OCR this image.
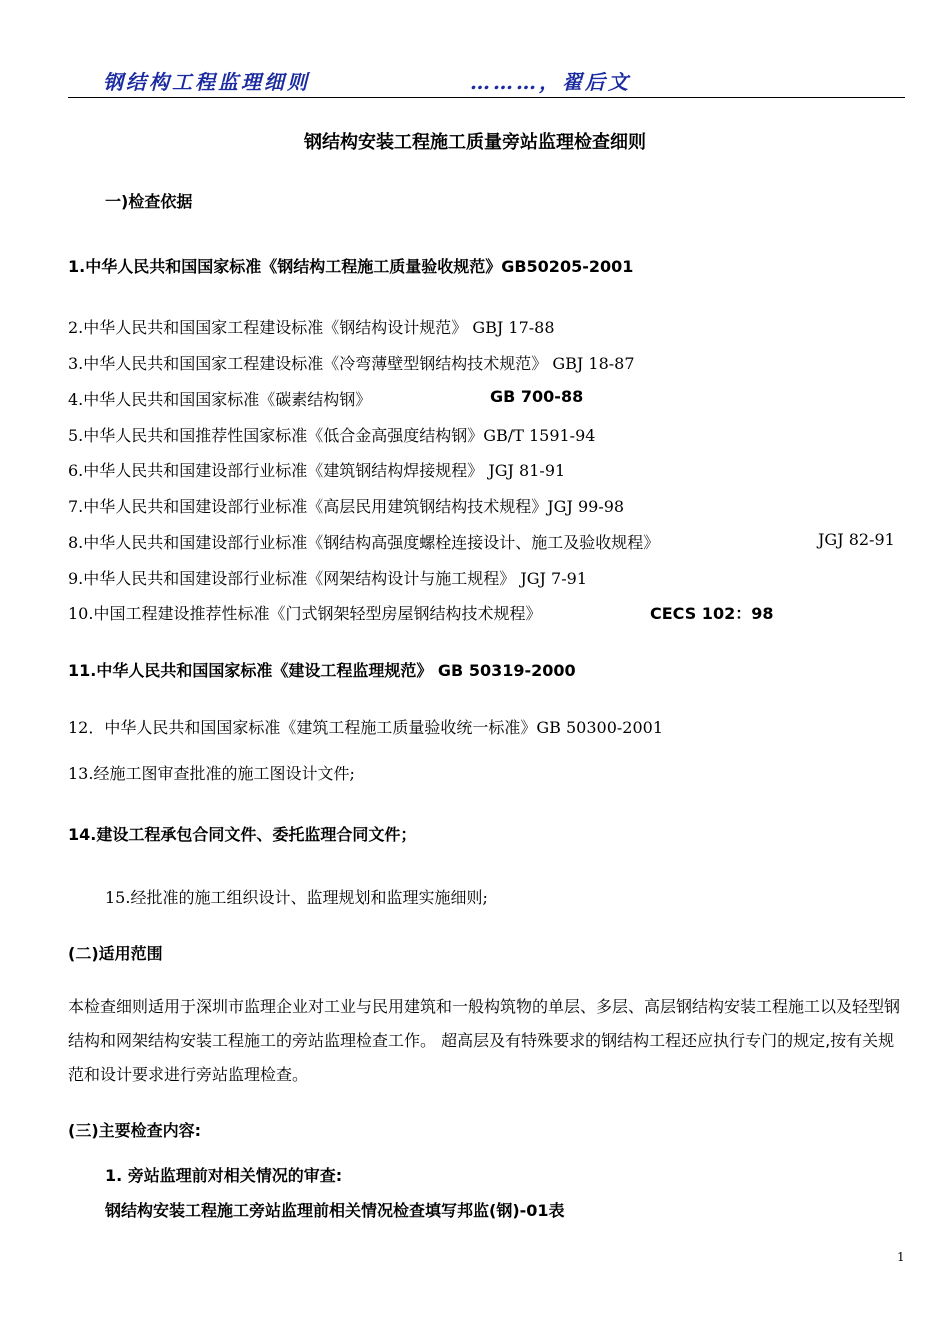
钢结构工程监理细则	………，翟后文
钢结构安装工程施工质量旁站监理检查细则
一)检查依据
1.中华人民共和国国家标准《钢结构工程施工质量验收规范》GB50205-2001
2.中华人民共和国国家工程建设标准《钢结构设计规范》 GBJ 17-88
3.中华人民共和国国家工程建设标准《冷弯薄壁型钢结构技术规范》 GBJ 18-87
4.中华人民共和国国家标准《碳素结构钢》	GB 700-88
5.中华人民共和国推荐性国家标准《低合金高强度结构钢》GB/T 1591-94
6.中华人民共和国建设部行业标准《建筑钢结构焊接规程》 JGJ 81-91
7.中华人民共和国建设部行业标准《高层民用建筑钢结构技术规程》JGJ 99-98
8.中华人民共和国建设部行业标准《钢结构高强度螺栓连接设计、施工及验收规程》	JGJ 82-91
9.中华人民共和国建设部行业标准《网架结构设计与施工规程》 JGJ 7-91
10.中国工程建设推荐性标准《门式钢架轻型房屋钢结构技术规程》	CECS 102：98
11.中华人民共和国国家标准《建设工程监理规范》 GB 50319-2000
12．中华人民共和国国家标准《建筑工程施工质量验收统一标准》GB 50300-2001
13.经施工图审查批准的施工图设计文件;
14.建设工程承包合同文件、委托监理合同文件；
15.经批准的施工组织设计、监理规划和监理实施细则;
(二)适用范围
本检查细则适用于深圳市监理企业对工业与民用建筑和一般构筑物的单层、多层、高层钢结构安装工程施工以及轻型钢结构和网架结构安装工程施工的旁站监理检查工作。 超高层及有特殊要求的钢结构工程还应执行专门的规定,按有关规范和设计要求进行旁站监理检查。
(三)主要检查内容:
1. 旁站监理前对相关情况的审查:
钢结构安装工程施工旁站监理前相关情况检查填写邦监(钢)-01表
1
